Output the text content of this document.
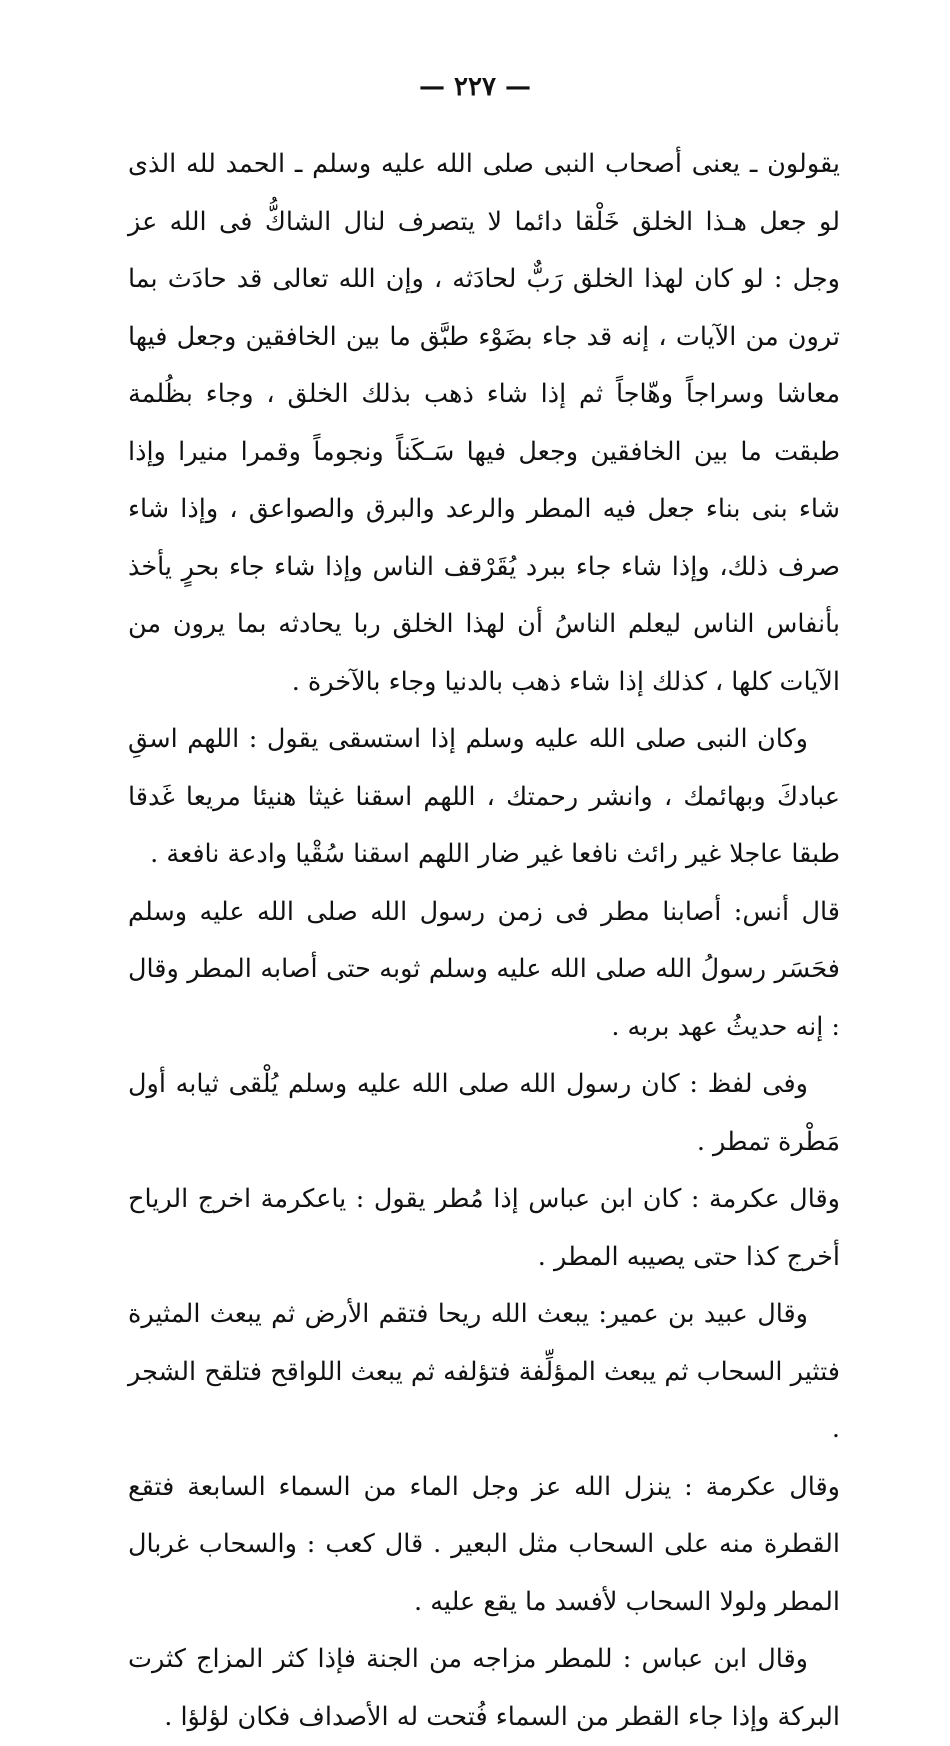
— ٢٢٧ —

يقولون ـ يعنى أصحاب النبى صلى الله عليه وسلم ـ الحمد لله الذى لو جعل هـذا الخلق خَلْقا دائما لا يتصرف لنال الشاكُّ فى الله عز وجل : لو كان لهذا الخلق رَبٌّ لحادَثه ، وإن الله تعالى قد حادَث بما ترون من الآيات ، إنه قد جاء بضَوْء طبَّق ما بين الخافقين وجعل فيها معاشا وسراجاً وهّاجاً ثم إذا شاء ذهب بذلك الخلق ، وجاء بظُلمة طبقت ما بين الخافقين وجعل فيها سَـكَناً ونجوماً وقمرا منيرا وإذا شاء بنى بناء جعل فيه المطر والرعد والبرق والصواعق ، وإذا شاء صرف ذلك، وإذا شاء جاء ببرد يُقَرْقف الناس وإذا شاء جاء بحرٍ يأخذ بأنفاس الناس ليعلم الناسُ أن لهذا الخلق ربا يحادثه بما يرون من الآيات كلها ، كذلك إذا شاء ذهب بالدنيا وجاء بالآخرة .

وكان النبى صلى الله عليه وسلم إذا استسقى يقول : اللهم اسقِ عبادكَ وبهائمك ، وانشر رحمتك ، اللهم اسقنا غيثا هنيئا مريعا غَدقا طبقا عاجلا غير رائث نافعا غير ضار اللهم اسقنا سُقْيا وادعة نافعة .

قال أنس: أصابنا مطر فى زمن رسول الله صلى الله عليه وسلم فحَسَر رسولُ الله صلى الله عليه وسلم ثوبه حتى أصابه المطر وقال : إنه حديثُ عهد بربه .

وفى لفظ : كان رسول الله صلى الله عليه وسلم يُلْقى ثيابه أول مَطْرة تمطر .

وقال عكرمة : كان ابن عباس إذا مُطر يقول : ياعكرمة اخرج الرياح أخرج كذا حتى يصيبه المطر .

وقال عبيد بن عمير: يبعث الله ريحا فتقم الأرض ثم يبعث المثيرة فتثير السحاب ثم يبعث المؤلِّفة فتؤلفه ثم يبعث اللواقح فتلقح الشجر .

وقال عكرمة : ينزل الله عز وجل الماء من السماء السابعة فتقع القطرة منه على السحاب مثل البعير . قال كعب : والسحاب غربال المطر ولولا السحاب لأفسد ما يقع عليه .

وقال ابن عباس : للمطر مزاجه من الجنة فإذا كثر المزاج كثرت البركة وإذا جاء القطر من السماء فُتحت له الأصداف فكان لؤلؤا .
